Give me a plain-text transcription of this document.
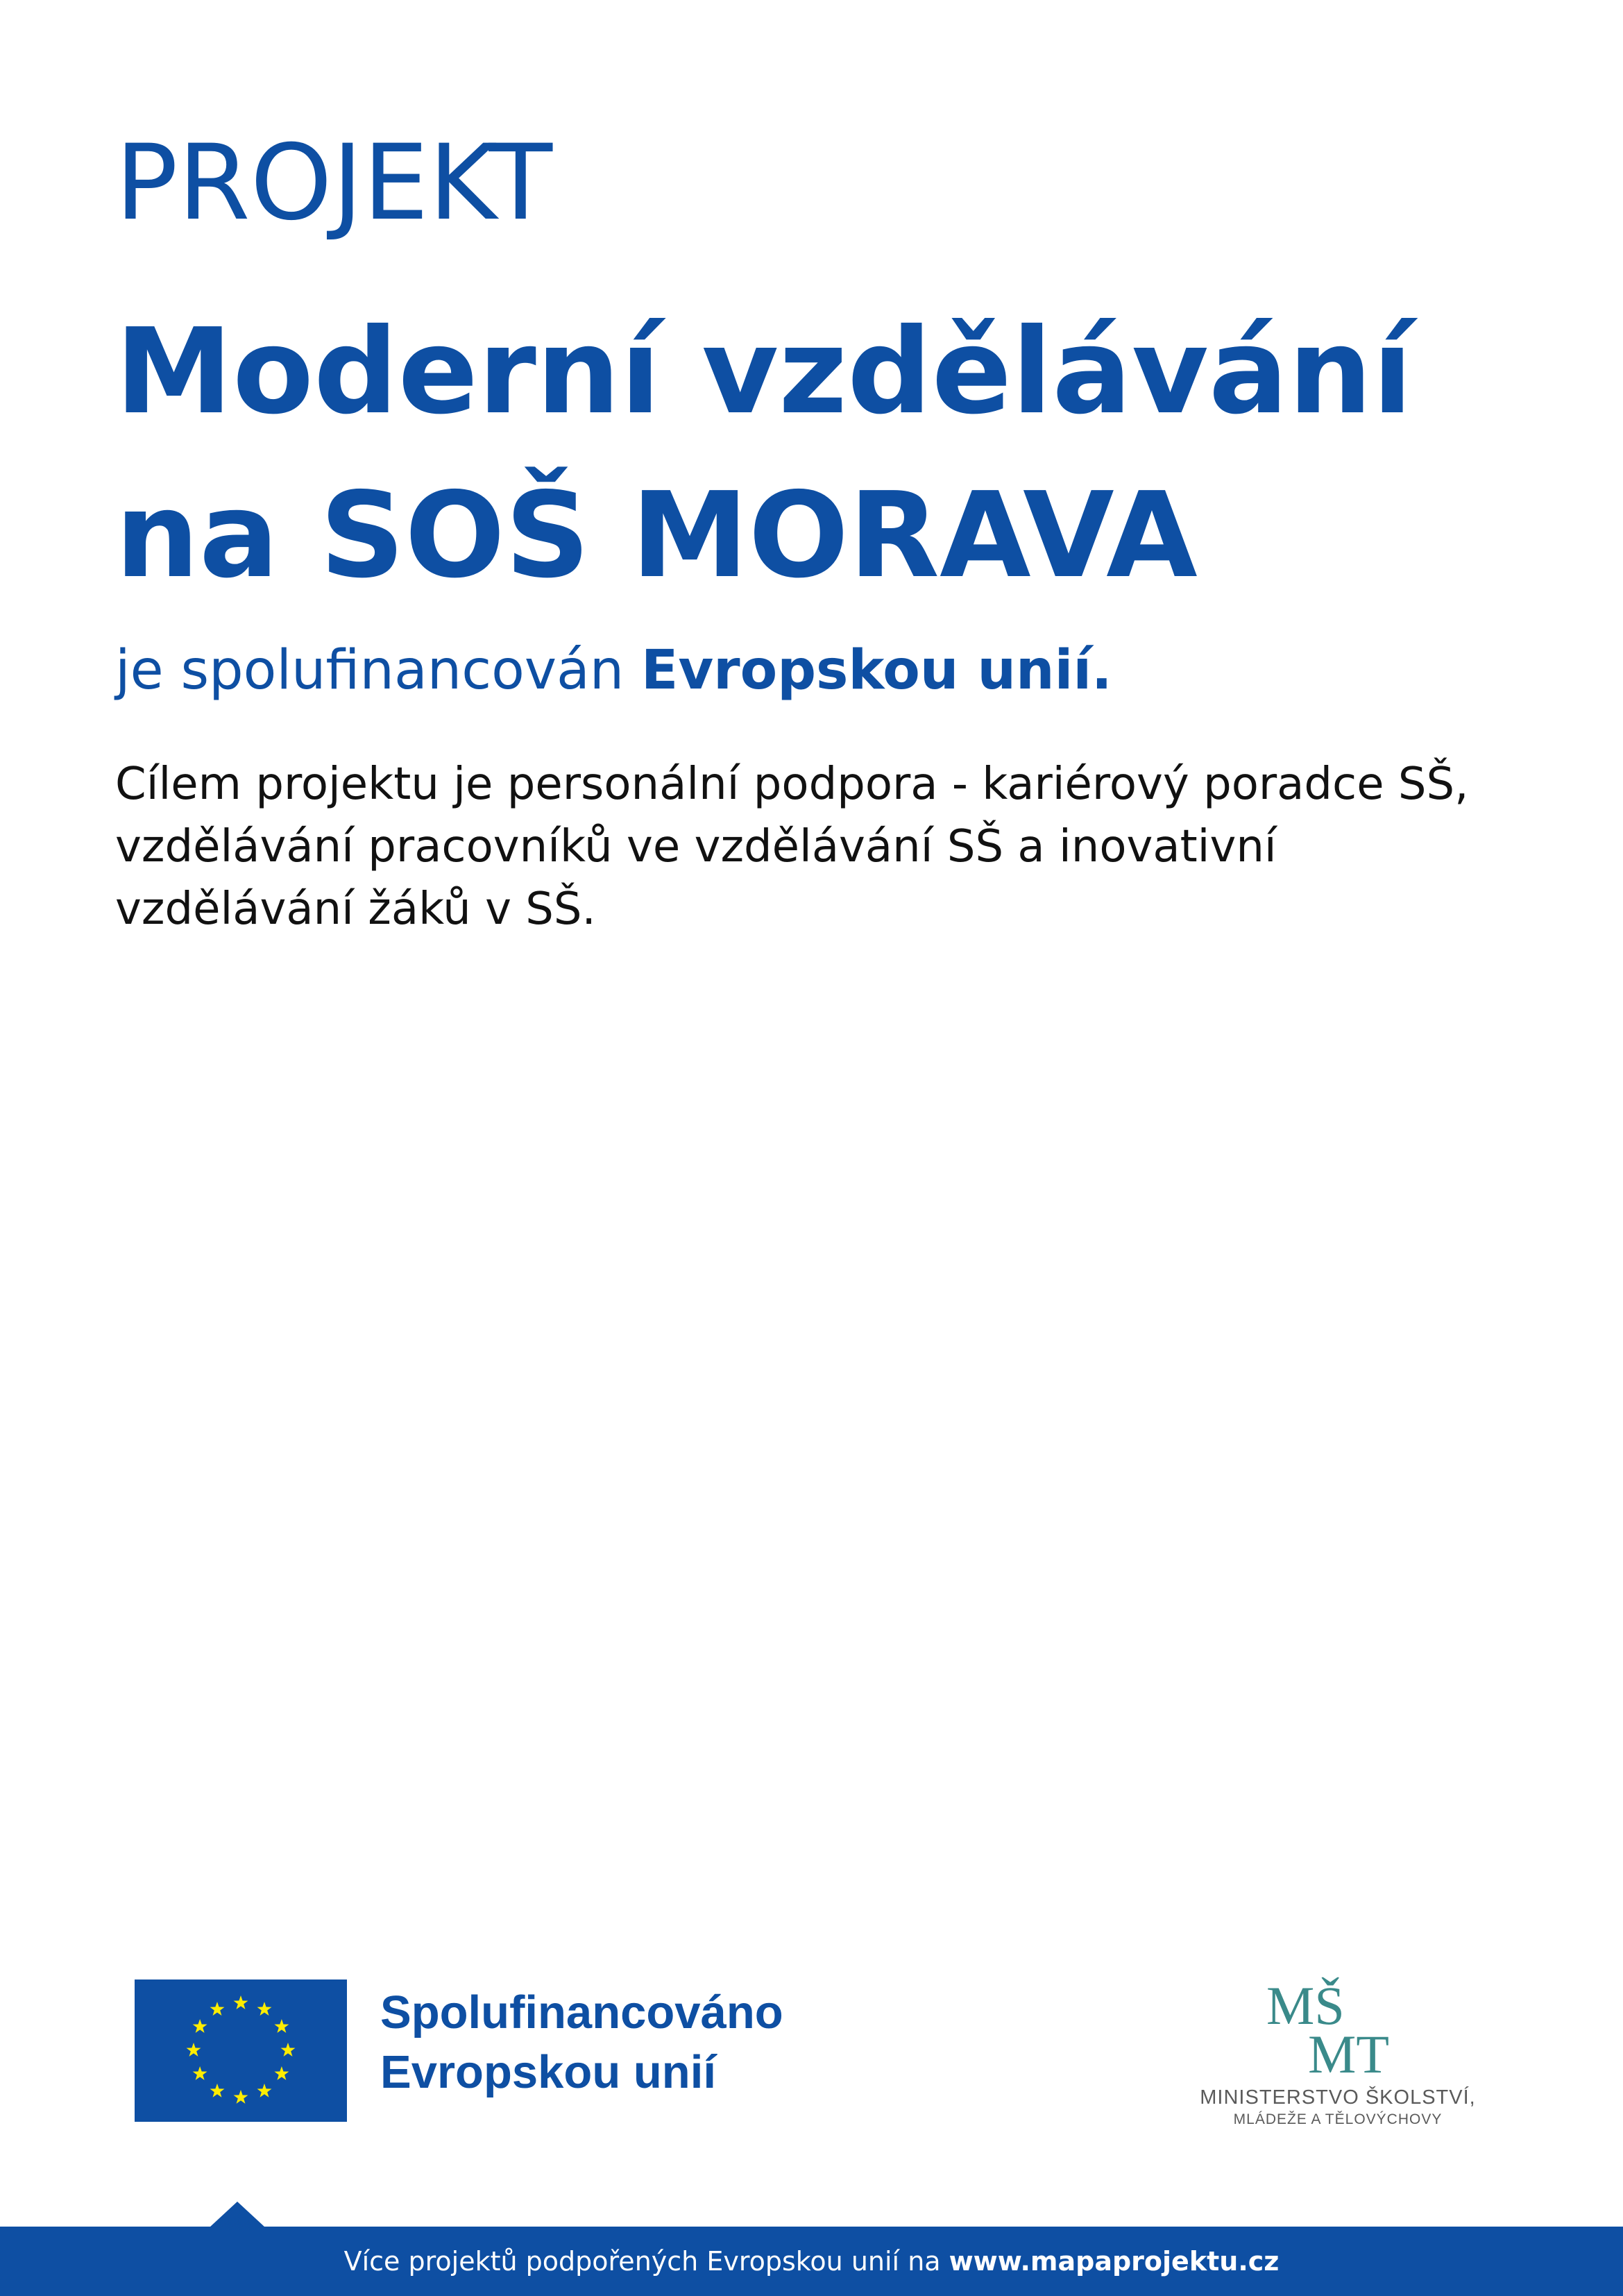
PROJEKT
Moderní vzdělávání
na SOŠ MORAVA
je spolufinancován Evropskou unií.
Cílem projektu je personální podpora - kariérový poradce SŠ,
vzdělávání pracovníků ve vzdělávání SŠ a inovativní
vzdělávání žáků v SŠ.
Spolufinancováno
Evropskou unií
MŠ
MT
MINISTERSTVO ŠKOLSTVÍ,
MLÁDEŽE A TĚLOVÝCHOVY
Více projektů podpořených Evropskou unií na www.mapaprojektu.cz
